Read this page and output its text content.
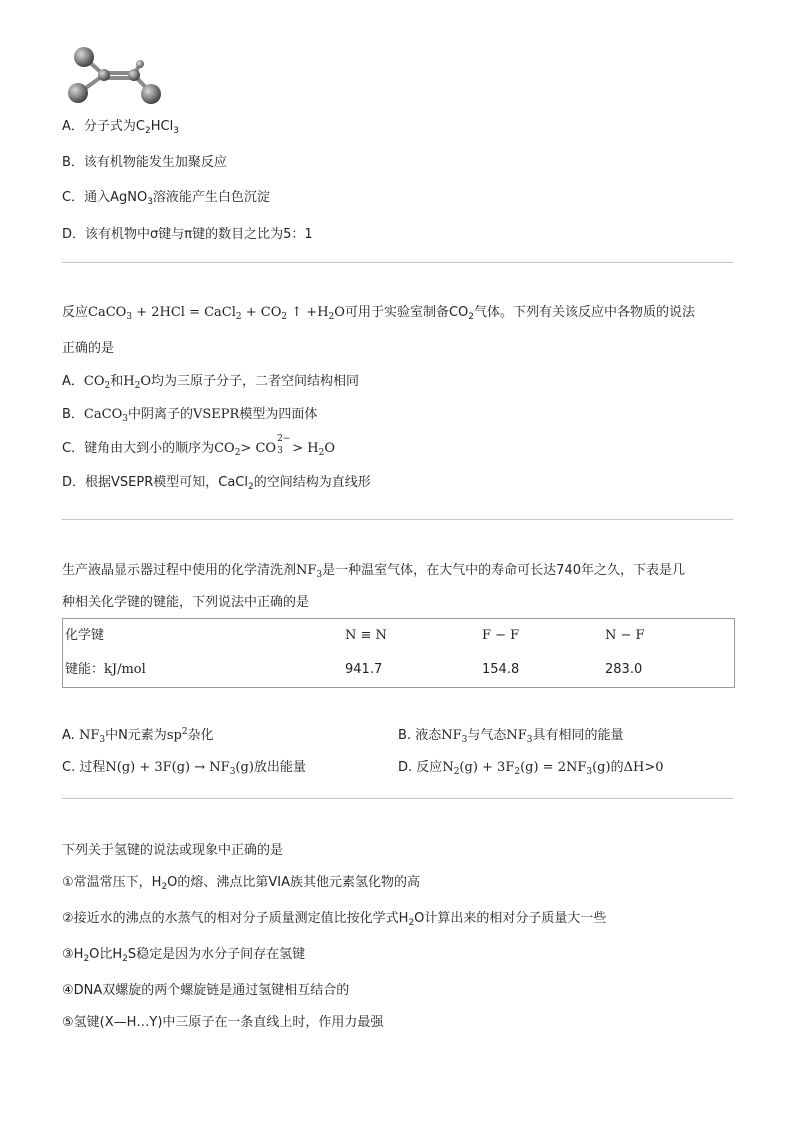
A．分子式为$C_2HCl_3$
B．该有机物能发生加聚反应
C．通入AgNO$_3$溶液能产生白色沉淀
D．该有机物中σ键与π键的数目之比为5：1
反应CaCO$_3$ + 2HCl = CaCl$_2$ + $CO_2$ ↑ $+H_2O$可用于实验室制备$CO_2$气体。下列有关该反应中各物质的说法
正确的是
A．$CO_2$和$H_2O$均为三原子分子，二者空间结构相同
B．CaCO$_3$中阴离子的VSEPR模型为四面体
C．键角由大到小的顺序为$CO_2>$ CO
2−
$3 > H_2O$
D．根据VSEPR模型可知，CaCl$_2$的空间结构为直线形
生产液晶显示器过程中使用的化学清洗剂$NF_3$是一种温室气体，在大气中的寿命可长达740年之久，下表是几
种相关化学键的键能，下列说法中正确的是
化学键	N ≡ N	F − F	N − F
键能：kJ/mol	941.7	154.8	283.0
A. $NF_3$中N元素为$sp^2$杂化	B. 液态$NF_3$与气态$NF_3$具有相同的能量
C. 过程$N(g) + 3F(g) \to NF_3(g)$放出能量	D. 反应$N_2(g) + 3F_2(g) = 2NF_3(g)$的ΔH>0
下列关于氢键的说法或现象中正确的是
①常温常压下，$H_2O$的熔、沸点比第VIA族其他元素氢化物的高
②接近水的沸点的水蒸气的相对分子质量测定值比按化学式$H_2O$计算出来的相对分子质量大一些
$③H_2O$比$H_2S$稳定是因为水分子间存在氢键
④DNA双螺旋的两个螺旋链是通过氢键相互结合的
⑤氢键(X—H…Y)中三原子在一条直线上时，作用力最强
